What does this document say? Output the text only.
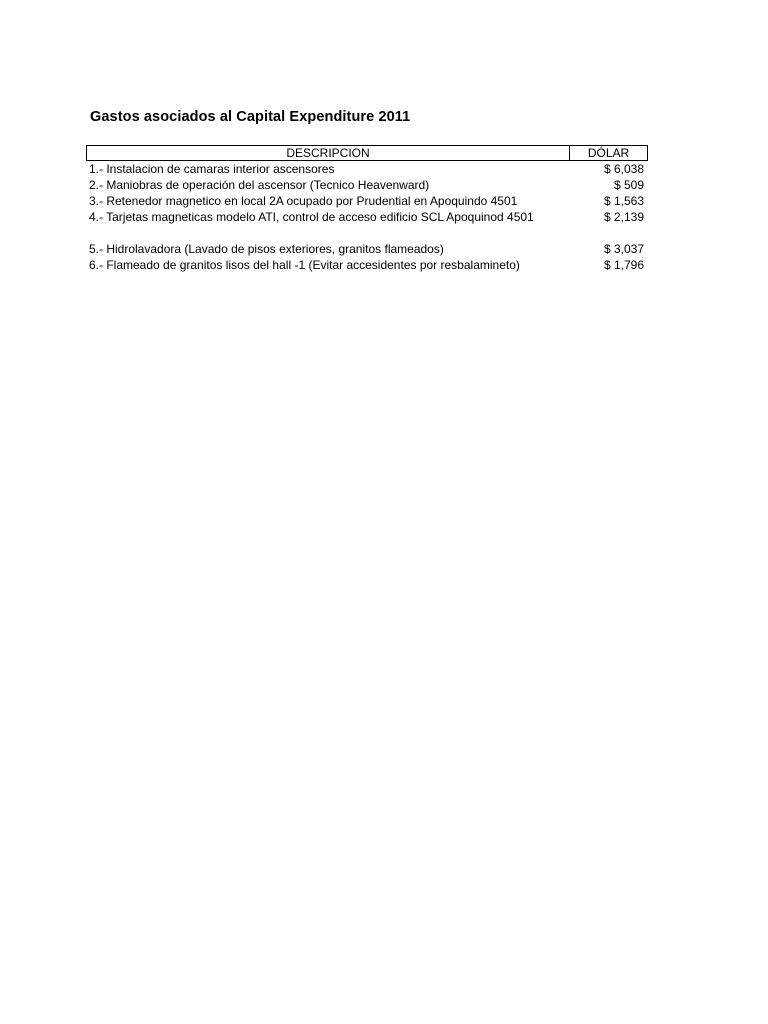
Gastos asociados al Capital Expenditure 2011
DESCRIPCION	DÓLAR
1.- Instalacion de camaras interior ascensores	$ 6,038
2.- Maniobras de operación del ascensor (Tecnico Heavenward)	$ 509
3.- Retenedor magnetico en local 2A ocupado por Prudential en Apoquindo 4501	$ 1,563
4.- Tarjetas magneticas modelo ATI, control de acceso edificio SCL Apoquinod 4501	$ 2,139
5.- Hidrolavadora (Lavado de pisos exteriores, granitos flameados)	$ 3,037
6.- Flameado de granitos lisos del hall -1 (Evitar accesidentes por resbalamineto)	$ 1,796
